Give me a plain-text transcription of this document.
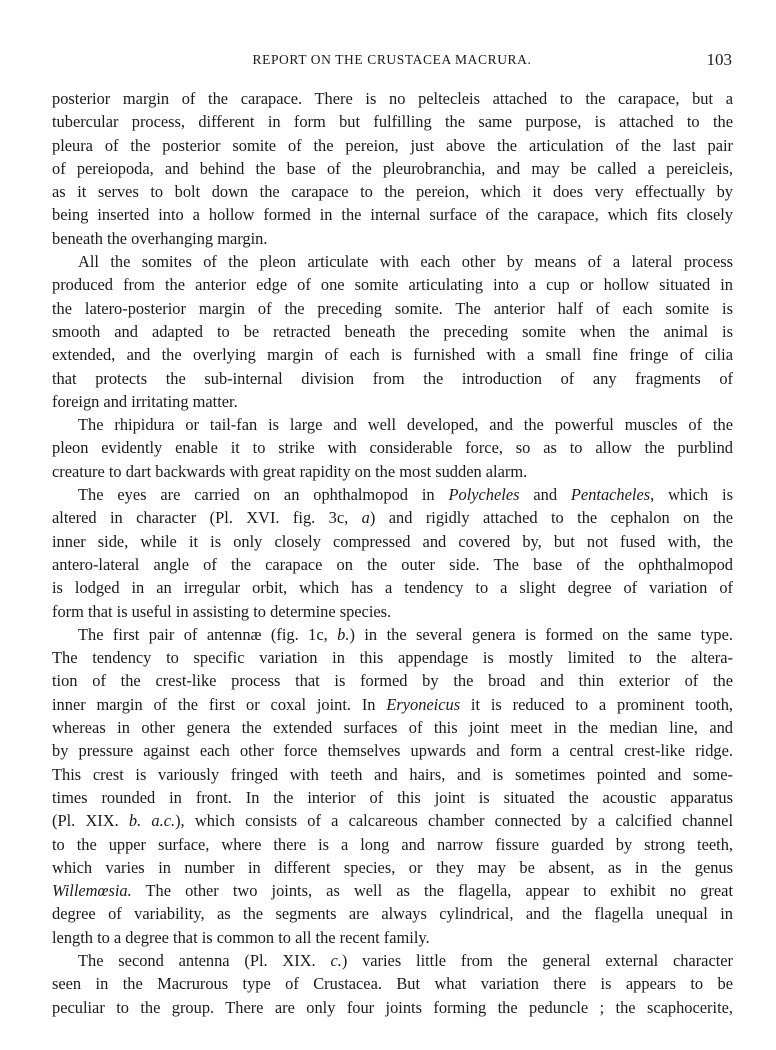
REPORT ON THE CRUSTACEA MACRURA.	103
posterior margin of the carapace. There is no peltecleis attached to the carapace, but a
tubercular process, different in form but fulfilling the same purpose, is attached to the
pleura of the posterior somite of the pereion, just above the articulation of the last pair
of pereiopoda, and behind the base of the pleurobranchia, and may be called a pereicleis,
as it serves to bolt down the carapace to the pereion, which it does very effectually by
being inserted into a hollow formed in the internal surface of the carapace, which fits closely
beneath the overhanging margin.
All the somites of the pleon articulate with each other by means of a lateral process
produced from the anterior edge of one somite articulating into a cup or hollow situated in
the latero-posterior margin of the preceding somite. The anterior half of each somite is
smooth and adapted to be retracted beneath the preceding somite when the animal is
extended, and the overlying margin of each is furnished with a small fine fringe of cilia
that protects the sub-internal division from the introduction of any fragments of
foreign and irritating matter.
The rhipidura or tail-fan is large and well developed, and the powerful muscles of the
pleon evidently enable it to strike with considerable force, so as to allow the purblind
creature to dart backwards with great rapidity on the most sudden alarm.
The eyes are carried on an ophthalmopod in Polycheles and Pentacheles, which is
altered in character (Pl. XVI. fig. 3c, a) and rigidly attached to the cephalon on the
inner side, while it is only closely compressed and covered by, but not fused with, the
antero-lateral angle of the carapace on the outer side. The base of the ophthalmopod
is lodged in an irregular orbit, which has a tendency to a slight degree of variation of
form that is useful in assisting to determine species.
The first pair of antennæ (fig. 1c, b.) in the several genera is formed on the same type.
The tendency to specific variation in this appendage is mostly limited to the altera-
tion of the crest-like process that is formed by the broad and thin exterior of the
inner margin of the first or coxal joint. In Eryoneicus it is reduced to a prominent tooth,
whereas in other genera the extended surfaces of this joint meet in the median line, and
by pressure against each other force themselves upwards and form a central crest-like ridge.
This crest is variously fringed with teeth and hairs, and is sometimes pointed and some-
times rounded in front. In the interior of this joint is situated the acoustic apparatus
(Pl. XIX. b. a.c.), which consists of a calcareous chamber connected by a calcified channel
to the upper surface, where there is a long and narrow fissure guarded by strong teeth,
which varies in number in different species, or they may be absent, as in the genus
Willemœsia. The other two joints, as well as the flagella, appear to exhibit no great
degree of variability, as the segments are always cylindrical, and the flagella unequal in
length to a degree that is common to all the recent family.
The second antenna (Pl. XIX. c.) varies little from the general external character
seen in the Macrurous type of Crustacea. But what variation there is appears to be
peculiar to the group. There are only four joints forming the peduncle ; the scaphocerite,
